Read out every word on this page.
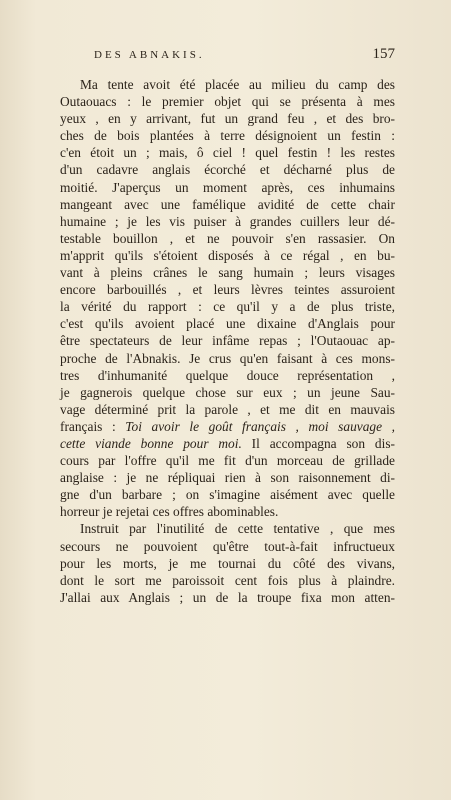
DES ABNAKIS.	157

Ma tente avoit été placée au milieu du camp des
Outaouacs : le premier objet qui se présenta à mes
yeux , en y arrivant, fut un grand feu , et des bro-
ches de bois plantées à terre désignoient un festin :
c'en étoit un ; mais, ô ciel ! quel festin ! les restes
d'un cadavre anglais écorché et décharné plus de
moitié. J'aperçus un moment après, ces inhumains
mangeant avec une famélique avidité de cette chair
humaine ; je les vis puiser à grandes cuillers leur dé-
testable bouillon , et ne pouvoir s'en rassasier. On
m'apprit qu'ils s'étoient disposés à ce régal , en bu-
vant à pleins crânes le sang humain ; leurs visages
encore barbouillés , et leurs lèvres teintes assuroient
la vérité du rapport : ce qu'il y a de plus triste,
c'est qu'ils avoient placé une dixaine d'Anglais pour
être spectateurs de leur infâme repas ; l'Outaouac ap-
proche de l'Abnakis. Je crus qu'en faisant à ces mons-
tres d'inhumanité quelque douce représentation ,
je gagnerois quelque chose sur eux ; un jeune Sau-
vage déterminé prit la parole , et me dit en mauvais
français : Toi avoir le goût français , moi sauvage ,
cette viande bonne pour moi. Il accompagna son dis-
cours par l'offre qu'il me fit d'un morceau de grillade
anglaise : je ne répliquai rien à son raisonnement di-
gne d'un barbare ; on s'imagine aisément avec quelle
horreur je rejetai ces offres abominables.

Instruit par l'inutilité de cette tentative , que mes
secours ne pouvoient qu'être tout-à-fait infructueux
pour les morts, je me tournai du côté des vivans,
dont le sort me paroissoit cent fois plus à plaindre.
J'allai aux Anglais ; un de la troupe fixa mon atten-
